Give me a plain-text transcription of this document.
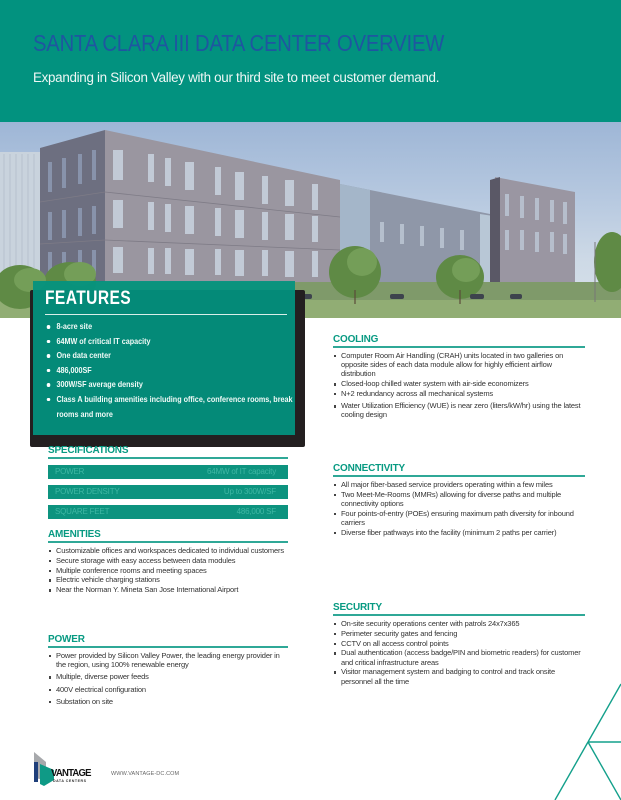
SANTA CLARA III DATA CENTER OVERVIEW
Expanding in Silicon Valley with our third site to meet customer demand.
FEATURES
8-acre site
64MW of critical IT capacity
One data center
486,000SF
300W/SF average density
Class A building amenities including office, conference rooms, break rooms and more
SPECIFICATIONS
POWER	64MW of IT capacity
POWER DENSITY	Up to 300W/SF
SQUARE FEET	486,000 SF
AMENITIES
Customizable offices and workspaces dedicated to individual customers
Secure storage with easy access between data modules
Multiple conference rooms and meeting spaces
Electric vehicle charging stations
Near the Norman Y. Mineta San Jose International Airport
POWER
Power provided by Silicon Valley Power, the leading energy provider in the region, using 100% renewable energy
Multiple, diverse power feeds
400V electrical configuration
Substation on site
COOLING
Computer Room Air Handling (CRAH) units located in two galleries on opposite sides of each data module allow for highly efficient airflow distribution
Closed-loop chilled water system with air-side economizers
N+2 redundancy across all mechanical systems
Water Utilization Efficiency (WUE) is near zero (liters/kW/hr) using the latest cooling design
CONNECTIVITY
All major fiber-based service providers operating within a few miles
Two Meet-Me-Rooms (MMRs) allowing for diverse paths and multiple connectivity options
Four points-of-entry (POEs) ensuring maximum path diversity for inbound carriers
Diverse fiber pathways into the facility (minimum 2 paths per carrier)
SECURITY
On-site security operations center with patrols 24x7x365
Perimeter security gates and fencing
CCTV on all access control points
Dual authentication (access badge/PIN and biometric readers) for customer and critical infrastructure areas
Visitor management system and badging to control and track onsite personnel all the time
VANTAGE
DATA CENTERS
WWW.VANTAGE-DC.COM
